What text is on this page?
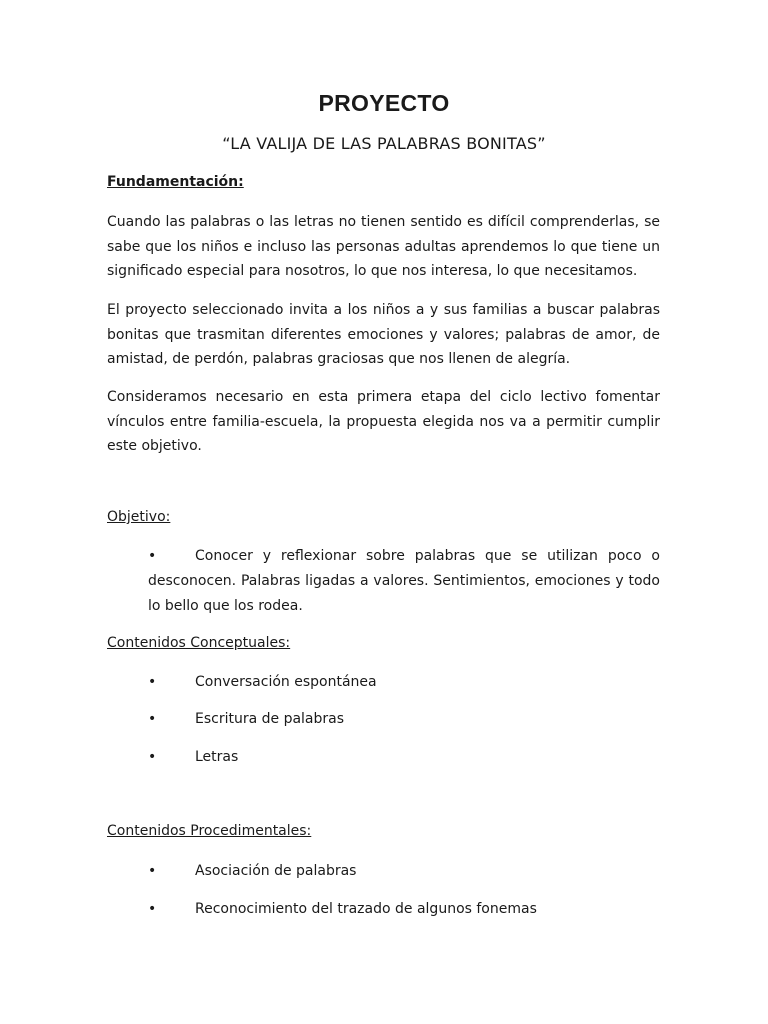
PROYECTO
“LA VALIJA DE LAS PALABRAS BONITAS”
Fundamentación:
Cuando las palabras o las letras no tienen sentido es difícil comprenderlas, se sabe que los niños e incluso las personas adultas aprendemos lo que tiene un significado especial para nosotros, lo que nos interesa, lo que necesitamos.
El proyecto seleccionado invita a los niños a y sus familias a buscar palabras bonitas que trasmitan diferentes emociones y valores; palabras de amor, de amistad, de perdón, palabras graciosas que nos llenen de alegría.
Consideramos necesario en esta primera etapa del ciclo lectivo fomentar vínculos entre familia-escuela, la propuesta elegida nos va a permitir cumplir este objetivo.
Objetivo:
•	Conocer y reflexionar sobre palabras que se utilizan poco o desconocen. Palabras ligadas a valores. Sentimientos, emociones y todo lo bello que los rodea.
Contenidos Conceptuales:
•	Conversación espontánea
•	Escritura de palabras
•	Letras
Contenidos Procedimentales:
•	Asociación de palabras
•	Reconocimiento del trazado de algunos fonemas
